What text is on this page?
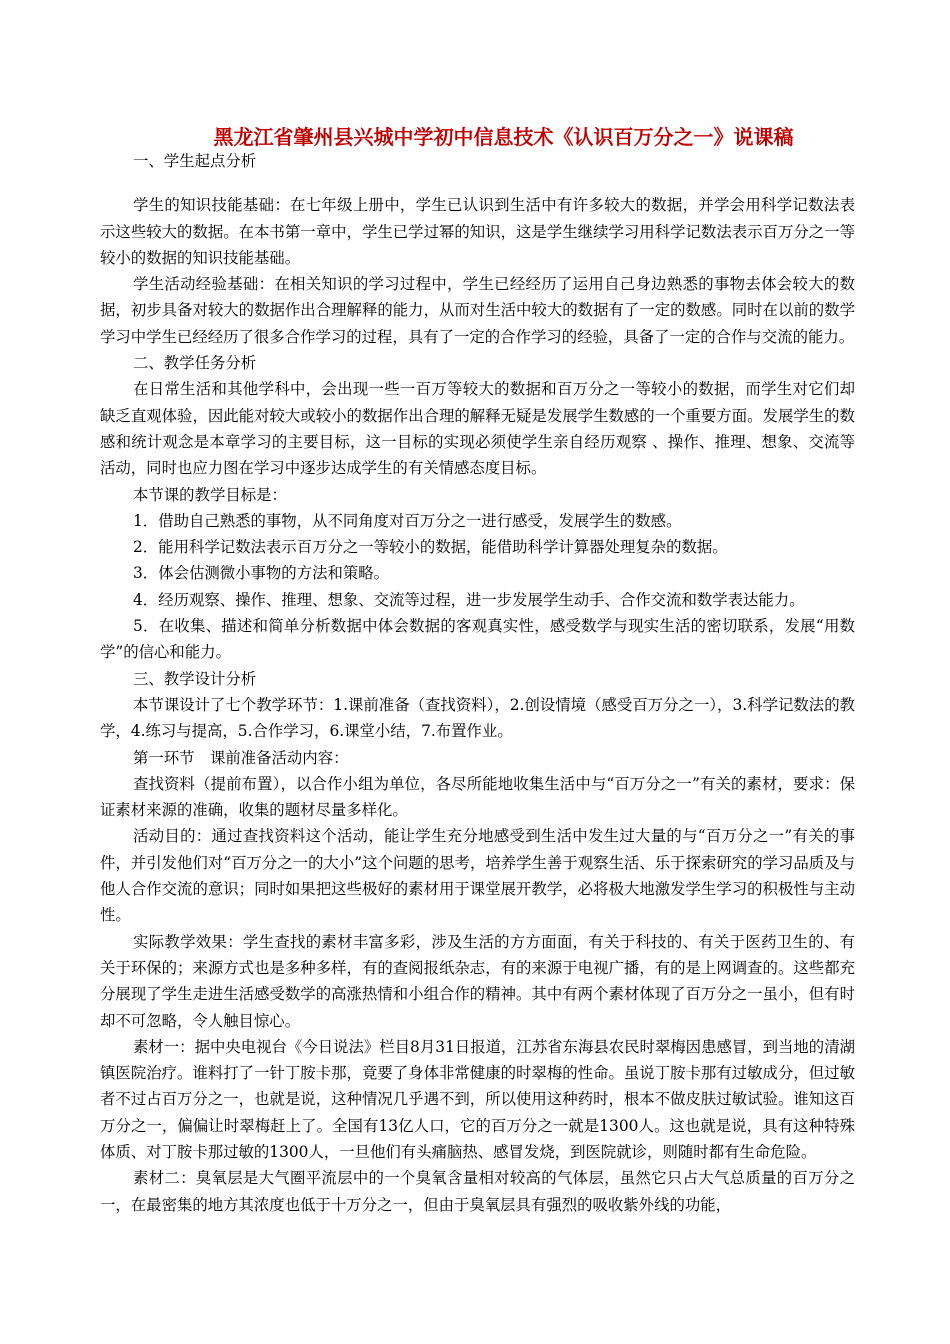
黑龙江省肇州县兴城中学初中信息技术《认识百万分之一》说课稿

一、学生起点分析

学生的知识技能基础：在七年级上册中，学生已认识到生活中有许多较大的数据，并学会用科学记数法表示这些较大的数据。在本书第一章中，学生已学过幂的知识，这是学生继续学习用科学记数法表示百万分之一等较小的数据的知识技能基础。

学生活动经验基础：在相关知识的学习过程中，学生已经经历了运用自己身边熟悉的事物去体会较大的数据，初步具备对较大的数据作出合理解释的能力，从而对生活中较大的数据有了一定的数感。同时在以前的数学学习中学生已经经历了很多合作学习的过程，具有了一定的合作学习的经验，具备了一定的合作与交流的能力。

二、教学任务分析

在日常生活和其他学科中，会出现一些一百万等较大的数据和百万分之一等较小的数据，而学生对它们却缺乏直观体验，因此能对较大或较小的数据作出合理的解释无疑是发展学生数感的一个重要方面。发展学生的数感和统计观念是本章学习的主要目标，这一目标的实现必须使学生亲自经历观察 、操作、推理、想象、交流等活动，同时也应力图在学习中逐步达成学生的有关情感态度目标。

本节课的教学目标是：

1．借助自己熟悉的事物，从不同角度对百万分之一进行感受，发展学生的数感。

2．能用科学记数法表示百万分之一等较小的数据，能借助科学计算器处理复杂的数据。

3．体会估测微小事物的方法和策略。

4．经历观察、操作、推理、想象、交流等过程，进一步发展学生动手、合作交流和数学表达能力。

5．在收集、描述和简单分析数据中体会数据的客观真实性，感受数学与现实生活的密切联系，发展“用数学”的信心和能力。

三、教学设计分析

本节课设计了七个教学环节：1.课前准备（查找资料），2.创设情境（感受百万分之一），3.科学记数法的教学，4.练习与提高，5.合作学习，6.课堂小结，7.布置作业。

第一环节　课前准备活动内容：

查找资料（提前布置），以合作小组为单位，各尽所能地收集生活中与“百万分之一”有关的素材，要求：保证素材来源的准确，收集的题材尽量多样化。

活动目的：通过查找资料这个活动，能让学生充分地感受到生活中发生过大量的与“百万分之一”有关的事件，并引发他们对“百万分之一的大小”这个问题的思考，培养学生善于观察生活、乐于探索研究的学习品质及与他人合作交流的意识；同时如果把这些极好的素材用于课堂展开教学，必将极大地激发学生学习的积极性与主动性。

实际教学效果：学生查找的素材丰富多彩，涉及生活的方方面面，有关于科技的、有关于医药卫生的、有关于环保的；来源方式也是多种多样，有的查阅报纸杂志，有的来源于电视广播，有的是上网调查的。这些都充分展现了学生走进生活感受数学的高涨热情和小组合作的精神。其中有两个素材体现了百万分之一虽小，但有时却不可忽略，令人触目惊心。

素材一：据中央电视台《今日说法》栏目8月31日报道，江苏省东海县农民时翠梅因患感冒，到当地的清湖镇医院治疗。谁料打了一针丁胺卡那，竟要了身体非常健康的时翠梅的性命。虽说丁胺卡那有过敏成分，但过敏者不过占百万分之一，也就是说，这种情况几乎遇不到，所以使用这种药时，根本不做皮肤过敏试验。谁知这百万分之一，偏偏让时翠梅赶上了。全国有13亿人口，它的百万分之一就是1300人。这也就是说，具有这种特殊体质、对丁胺卡那过敏的1300人，一旦他们有头痛脑热、感冒发烧，到医院就诊，则随时都有生命危险。

素材二：臭氧层是大气圈平流层中的一个臭氧含量相对较高的气体层，虽然它只占大气总质量的百万分之一，在最密集的地方其浓度也低于十万分之一，但由于臭氧层具有强烈的吸收紫外线的功能，
